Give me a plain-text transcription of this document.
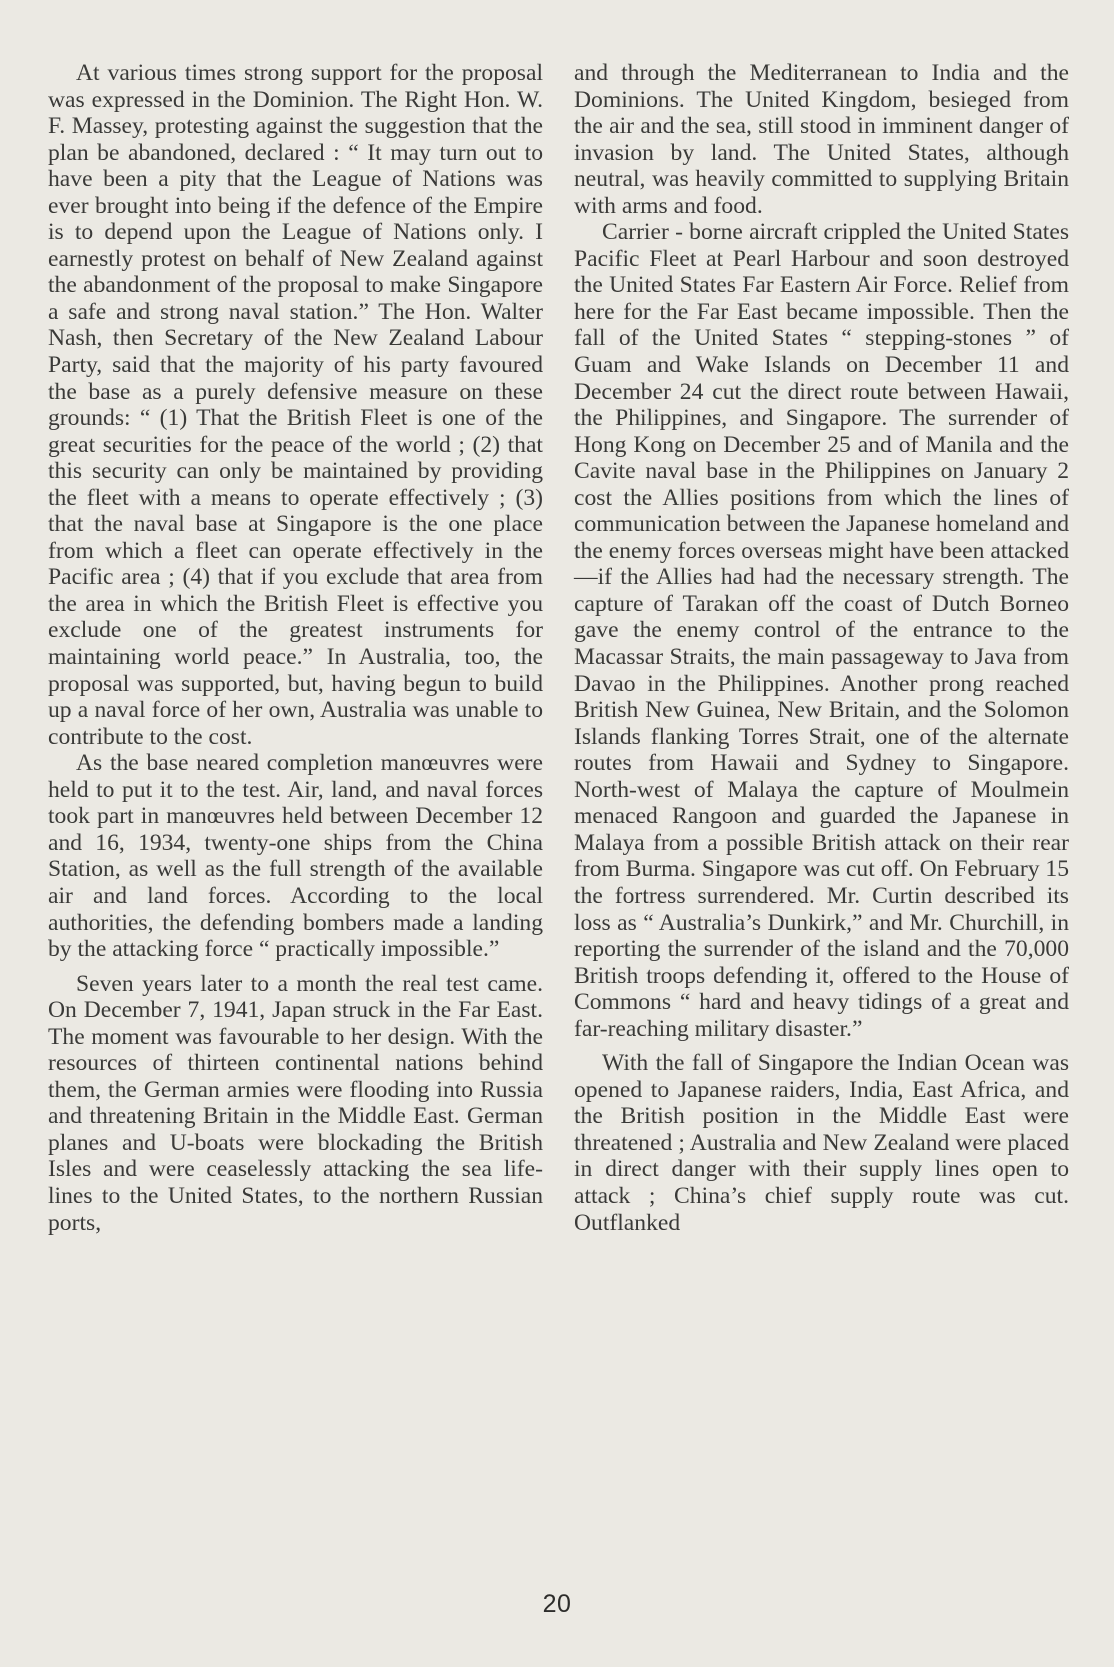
At various times strong support for the proposal was expressed in the Dominion. The Right Hon. W. F. Massey, protesting against the suggestion that the plan be abandoned, declared : “ It may turn out to have been a pity that the League of Nations was ever brought into being if the defence of the Empire is to depend upon the League of Nations only. I earnestly protest on behalf of New Zealand against the abandonment of the proposal to make Singapore a safe and strong naval station.” The Hon. Walter Nash, then Secretary of the New Zealand Labour Party, said that the majority of his party favoured the base as a purely defensive measure on these grounds: “ (1) That the British Fleet is one of the great securities for the peace of the world ; (2) that this security can only be maintained by providing the fleet with a means to operate effectively ; (3) that the naval base at Singapore is the one place from which a fleet can operate effectively in the Pacific area ; (4) that if you exclude that area from the area in which the British Fleet is effective you exclude one of the greatest instruments for maintaining world peace.” In Australia, too, the proposal was supported, but, having begun to build up a naval force of her own, Australia was unable to contribute to the cost.

As the base neared completion manœuvres were held to put it to the test. Air, land, and naval forces took part in manœuvres held between December 12 and 16, 1934, twenty-one ships from the China Station, as well as the full strength of the available air and land forces. According to the local authorities, the defending bombers made a landing by the attacking force “ practically impossible.”

Seven years later to a month the real test came. On December 7, 1941, Japan struck in the Far East. The moment was favourable to her design. With the resources of thirteen continental nations behind them, the German armies were flooding into Russia and threatening Britain in the Middle East. German planes and U-boats were blockading the British Isles and were ceaselessly attacking the sea life-lines to the United States, to the northern Russian ports,

and through the Mediterranean to India and the Dominions. The United Kingdom, besieged from the air and the sea, still stood in imminent danger of invasion by land. The United States, although neutral, was heavily committed to supplying Britain with arms and food.

Carrier - borne aircraft crippled the United States Pacific Fleet at Pearl Harbour and soon destroyed the United States Far Eastern Air Force. Relief from here for the Far East became impossible. Then the fall of the United States “ stepping-stones ” of Guam and Wake Islands on December 11 and December 24 cut the direct route between Hawaii, the Philippines, and Singapore. The surrender of Hong Kong on December 25 and of Manila and the Cavite naval base in the Philippines on January 2 cost the Allies positions from which the lines of communication between the Japanese homeland and the enemy forces overseas might have been attacked —if the Allies had had the necessary strength. The capture of Tarakan off the coast of Dutch Borneo gave the enemy control of the entrance to the Macassar Straits, the main passageway to Java from Davao in the Philippines. Another prong reached British New Guinea, New Britain, and the Solomon Islands flanking Torres Strait, one of the alternate routes from Hawaii and Sydney to Singapore. North-west of Malaya the capture of Moulmein menaced Rangoon and guarded the Japanese in Malaya from a possible British attack on their rear from Burma. Singapore was cut off. On February 15 the fortress surrendered. Mr. Curtin described its loss as “ Australia’s Dunkirk,” and Mr. Churchill, in reporting the surrender of the island and the 70,000 British troops defending it, offered to the House of Commons “ hard and heavy tidings of a great and far-reaching military disaster.”

With the fall of Singapore the Indian Ocean was opened to Japanese raiders, India, East Africa, and the British position in the Middle East were threatened ; Australia and New Zealand were placed in direct danger with their supply lines open to attack ; China’s chief supply route was cut. Outflanked

20
